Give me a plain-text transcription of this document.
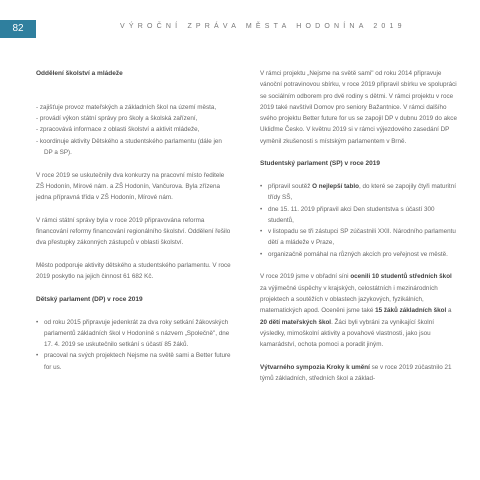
82	VÝROČNÍ ZPRÁVA MĚSTA HODONÍNA 2019
Oddělení školství a mládeže
- zajišťuje provoz mateřských a základních škol na území města,
- provádí výkon státní správy pro školy a školská zařízení,
- zpracovává informace z oblasti školství a aktivit mládeže,
- koordinuje aktivity Dětského a studentského parlamentu (dále jen DP a SP).

V roce 2019 se uskutečnily dva konkurzy na pracovní místo ředitele ZŠ Hodonín, Mírové nám. a ZŠ Hodonín, Vančurova. Byla zřízena jedna přípravná třída v ZŠ Hodonín, Mírové nám.

V rámci státní správy byla v roce 2019 připravována reforma financování reformy financování regionálního školství. Oddělení řešilo dva přestupky zákonných zástupců v oblasti školství.

Město podporuje aktivity dětského a studentského parlamentu. V roce 2019 poskytlo na jejich činnost 61 682 Kč.

Dětský parlament (DP) v roce 2019
• od roku 2015 připravuje jedenkrát za dva roky setkání žákovských parlamentů základních škol v Hodoníně s názvem „Společně", dne 17. 4. 2019 se uskutečnilo setkání s účastí 85 žáků.
• pracoval na svých projektech Nejsme na světě sami a Better future for us.

V rámci projektu „Nejsme na světě sami" od roku 2014 připravuje vánoční potravinovou sbírku, v roce 2019 připravil sbírku ve spolupráci se sociálním odborem pro dvě rodiny s dětmi. V rámci projektu v roce 2019 také navštívil Domov pro seniory Bažantnice. V rámci dalšího svého projektu Better future for us se zapojil DP v dubnu 2019 do akce Ukliďme Česko. V květnu 2019 si v rámci výjezdového zasedání DP vyměnil zkušenosti s místským parlamentem v Brně.

Studentský parlament (SP) v roce 2019
• připravil soutěž O nejlepší tablo, do které se zapojily čtyři maturitní třídy SŠ,
• dne 15. 11. 2019 připravil akci Den studentstva s účastí 300 studentů,
• v listopadu se tři zástupci SP zúčastnili XXII. Národního parlamentu dětí a mládeže v Praze,
• organizačně pomáhal na různých akcích pro veřejnost ve městě.

V roce 2019 jsme v obřadní síni ocenili 10 studentů středních škol za výjimečné úspěchy v krajských, celostátních i mezinárodních projektech a soutěžích v oblastech jazykových, fyzikálních, matematických apod. Oceněni jsme také 15 žáků základních škol a 20 dětí mateřských škol. Žáci byli vybráni za vynikající školní výsledky, mimoškolní aktivity a povahové vlastnosti, jako jsou kamarádství, ochota pomoci a poradit jiným.

Výtvarného sympozia Kroky k umění se v roce 2019 zúčastnilo 21 týmů základních, středních škol a základ-
